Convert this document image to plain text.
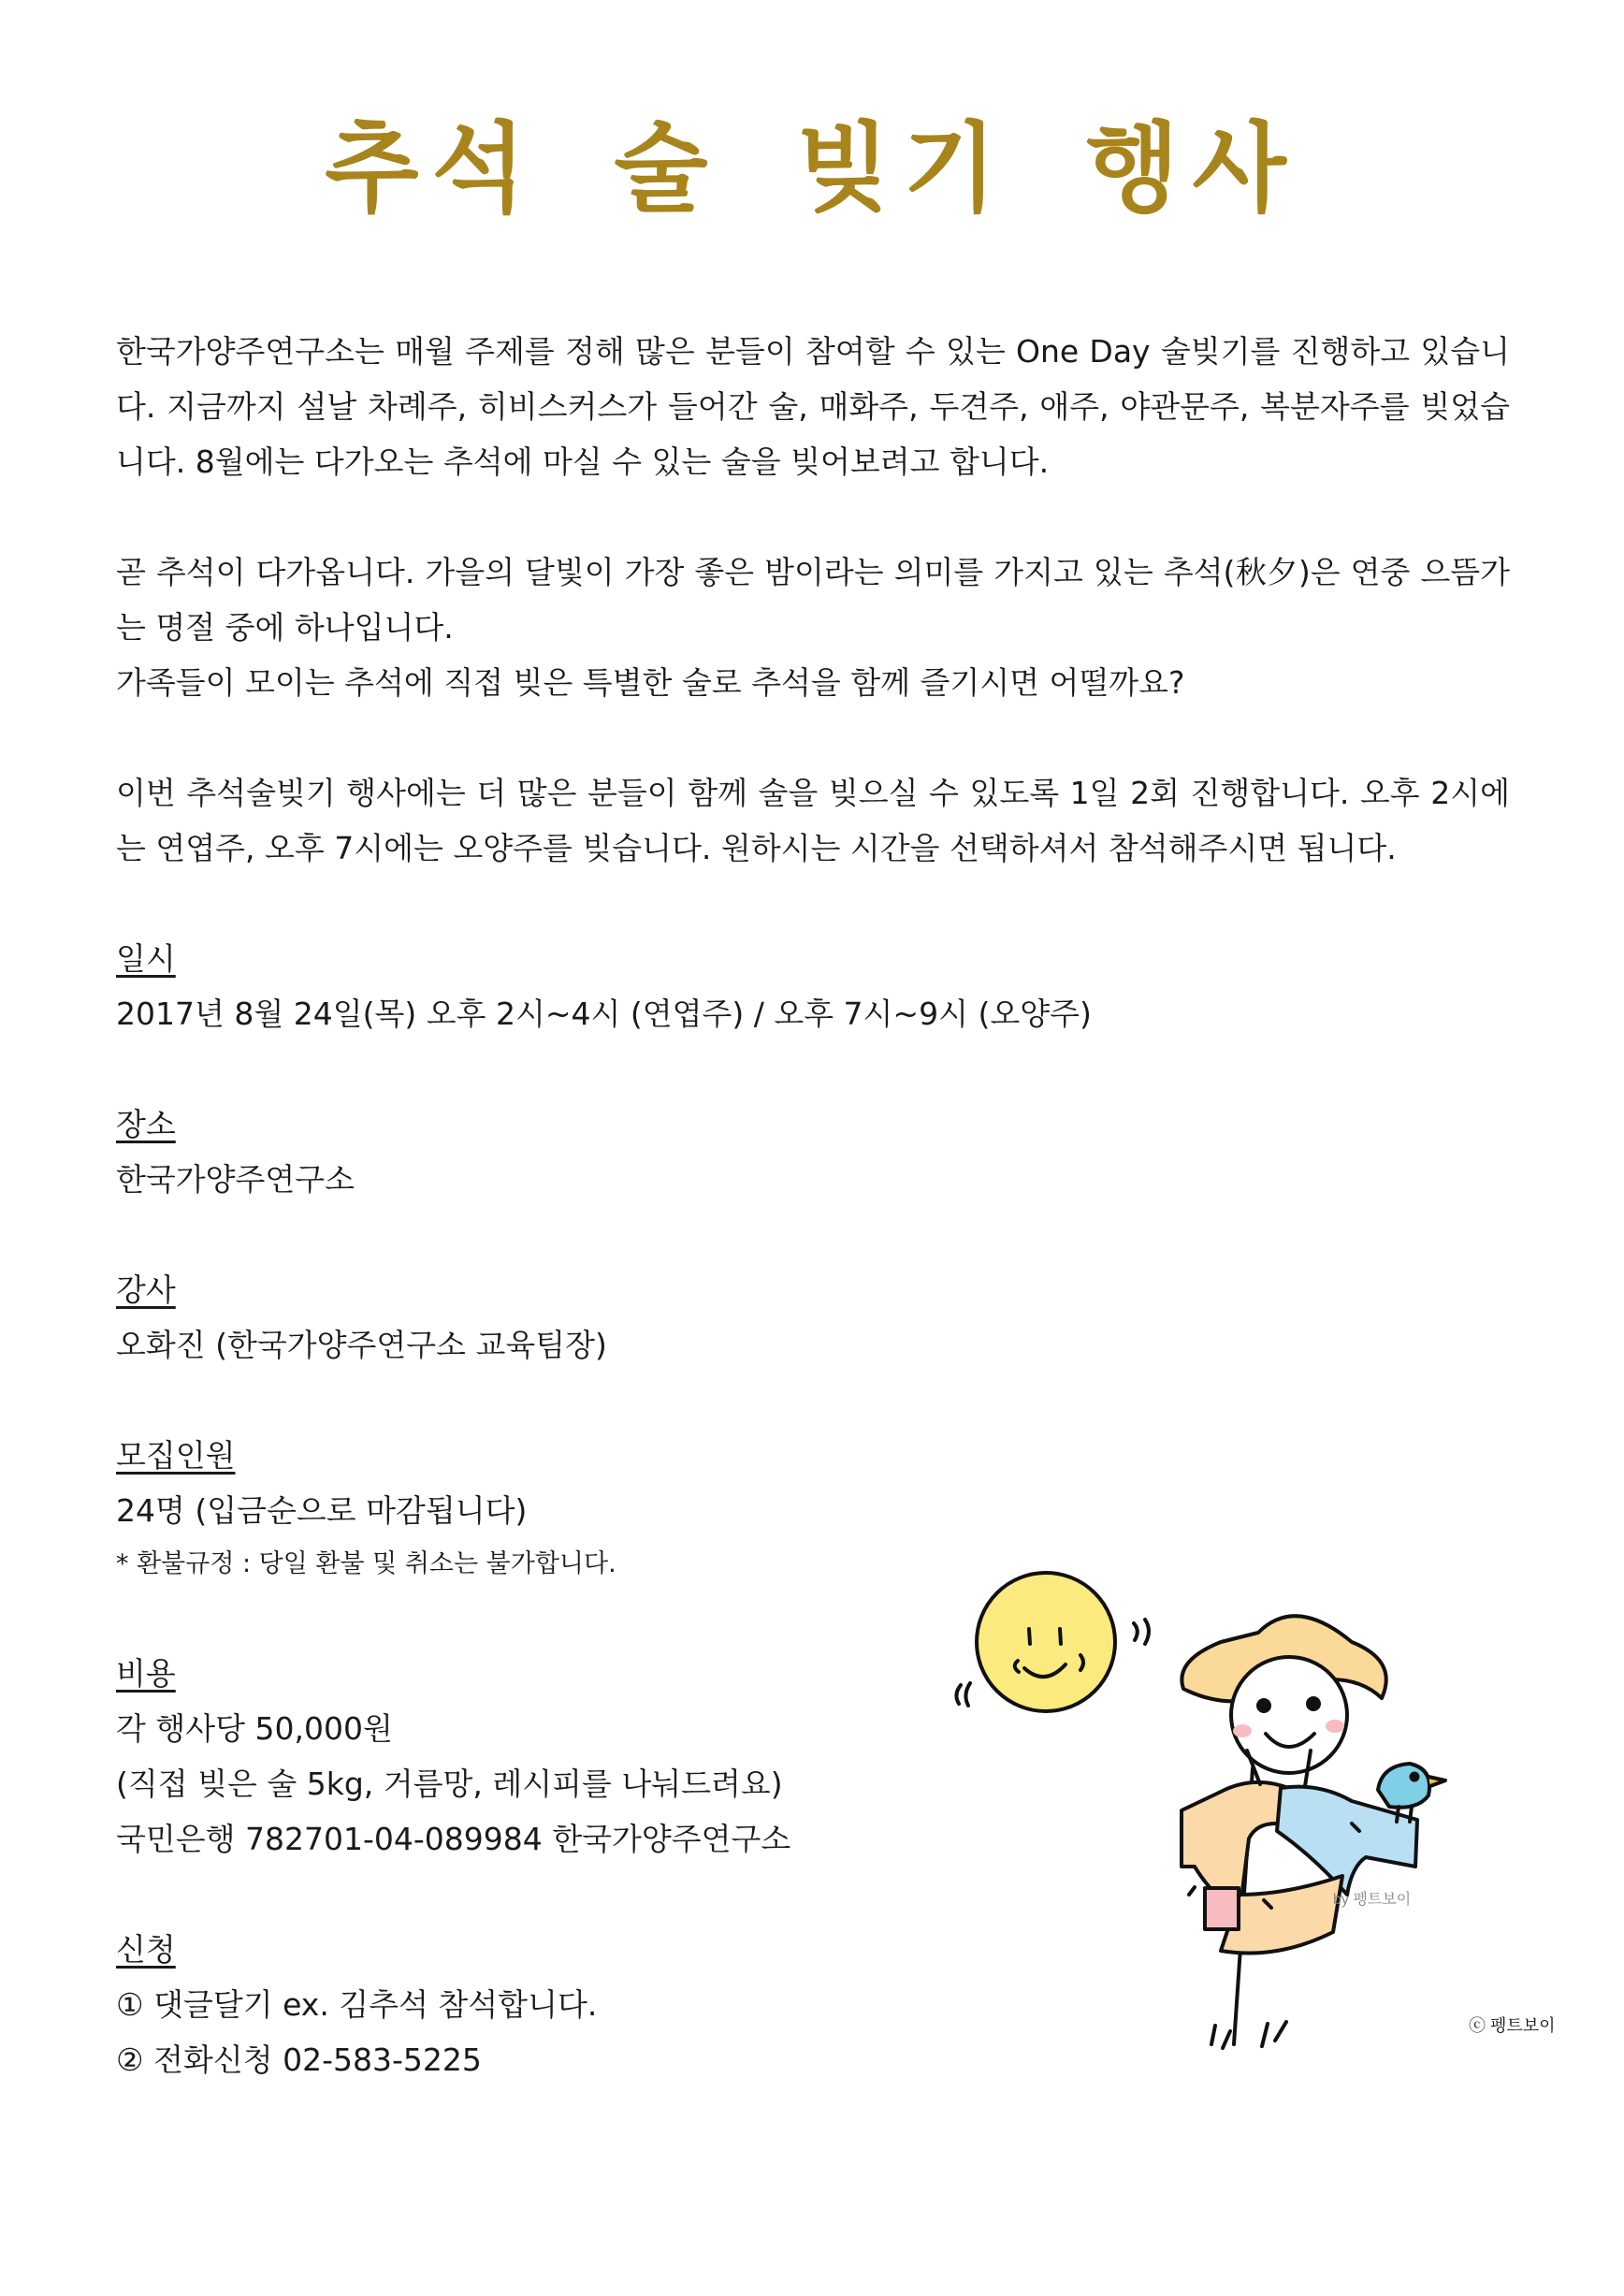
추석 술 빚기 행사

한국가양주연구소는 매월 주제를 정해 많은 분들이 참여할 수 있는 One Day 술빚기를 진행하고 있습니다. 지금까지 설날 차례주, 히비스커스가 들어간 술, 매화주, 두견주, 애주, 야관문주, 복분자주를 빚었습니다. 8월에는 다가오는 추석에 마실 수 있는 술을 빚어보려고 합니다.

곧 추석이 다가옵니다. 가을의 달빛이 가장 좋은 밤이라는 의미를 가지고 있는 추석(秋夕)은 연중 으뜸가는 명절 중에 하나입니다.

가족들이 모이는 추석에 직접 빚은 특별한 술로 추석을 함께 즐기시면 어떨까요?

이번 추석술빚기 행사에는 더 많은 분들이 함께 술을 빚으실 수 있도록 1일 2회 진행합니다. 오후 2시에는 연엽주, 오후 7시에는 오양주를 빚습니다. 원하시는 시간을 선택하셔서 참석해주시면 됩니다.

일시

2017년 8월 24일(목) 오후 2시~4시 (연엽주) / 오후 7시~9시 (오양주)

장소

한국가양주연구소

강사

오화진 (한국가양주연구소 교육팀장)

모집인원

24명 (입금순으로 마감됩니다)

* 환불규정 : 당일 환불 및 취소는 불가합니다.

비용

각 행사당 50,000원

(직접 빚은 술 5kg, 거름망, 레시피를 나눠드려요)

국민은행 782701-04-089984 한국가양주연구소

신청

① 댓글달기 ex. 김추석 참석합니다.

② 전화신청 02-583-5225

by 펭트보이
ⓒ 펭트보이
